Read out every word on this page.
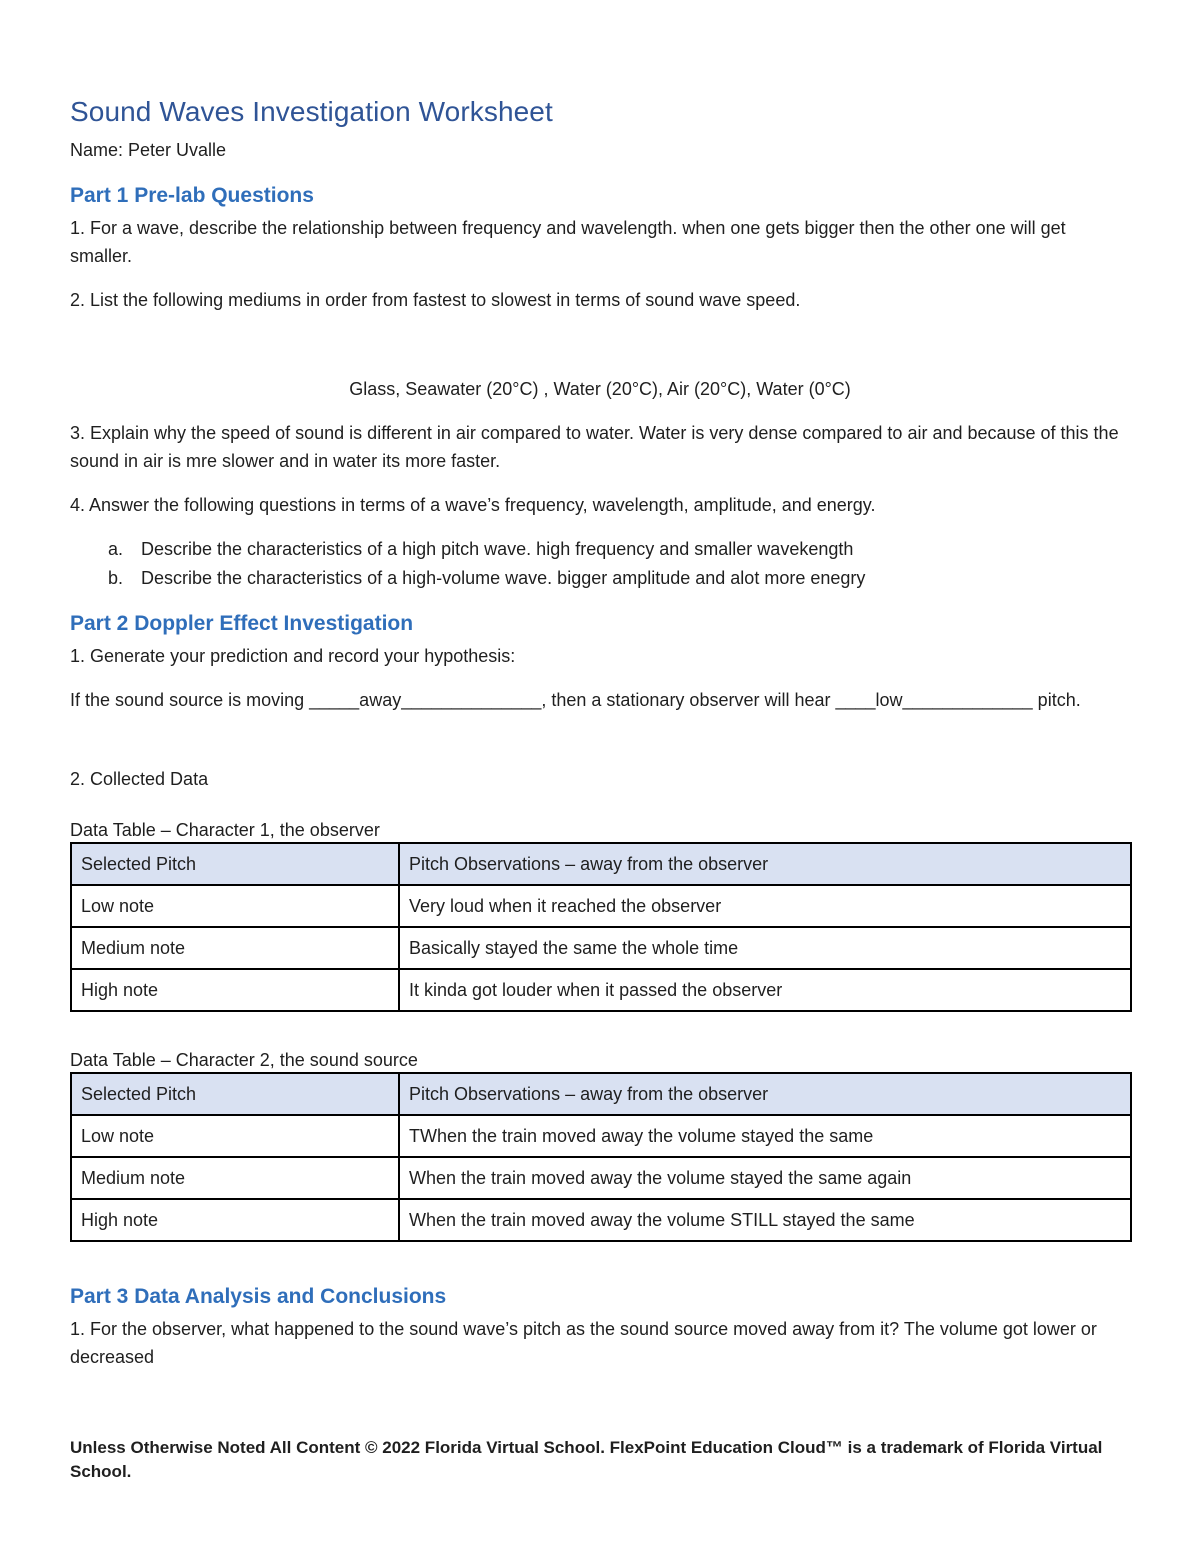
Sound Waves Investigation Worksheet
Name: Peter Uvalle
Part 1 Pre-lab Questions
1. For a wave, describe the relationship between frequency and wavelength. when one gets bigger then the other one will get smaller.
2. List the following mediums in order from fastest to slowest in terms of sound wave speed.
Glass, Seawater (20°C) , Water (20°C), Air (20°C), Water (0°C)
3. Explain why the speed of sound is different in air compared to water. Water is very dense compared to air and because of this the sound in air is mre slower and in water its more faster.
4. Answer the following questions in terms of a wave’s frequency, wavelength, amplitude, and energy.
a. Describe the characteristics of a high pitch wave. high frequency and smaller wavekength
b. Describe the characteristics of a high-volume wave. bigger amplitude and alot more enegry
Part 2 Doppler Effect Investigation
1. Generate your prediction and record your hypothesis:
If the sound source is moving _____away______________, then a stationary observer will hear ____low_____________ pitch.
2. Collected Data
Data Table – Character 1, the observer
Selected Pitch	Pitch Observations – away from the observer
Low note	Very loud when it reached the observer
Medium note	Basically stayed the same the whole time
High note	It kinda got louder when it passed the observer
Data Table – Character 2, the sound source
Selected Pitch	Pitch Observations – away from the observer
Low note	TWhen the train moved away the volume stayed the same
Medium note	When the train moved away the volume stayed the same again
High note	When the train moved away the volume STILL stayed the same
Part 3 Data Analysis and Conclusions
1. For the observer, what happened to the sound wave’s pitch as the sound source moved away from it? The volume got lower or decreased
Unless Otherwise Noted All Content © 2022 Florida Virtual School. FlexPoint Education Cloud™ is a trademark of Florida Virtual School.
